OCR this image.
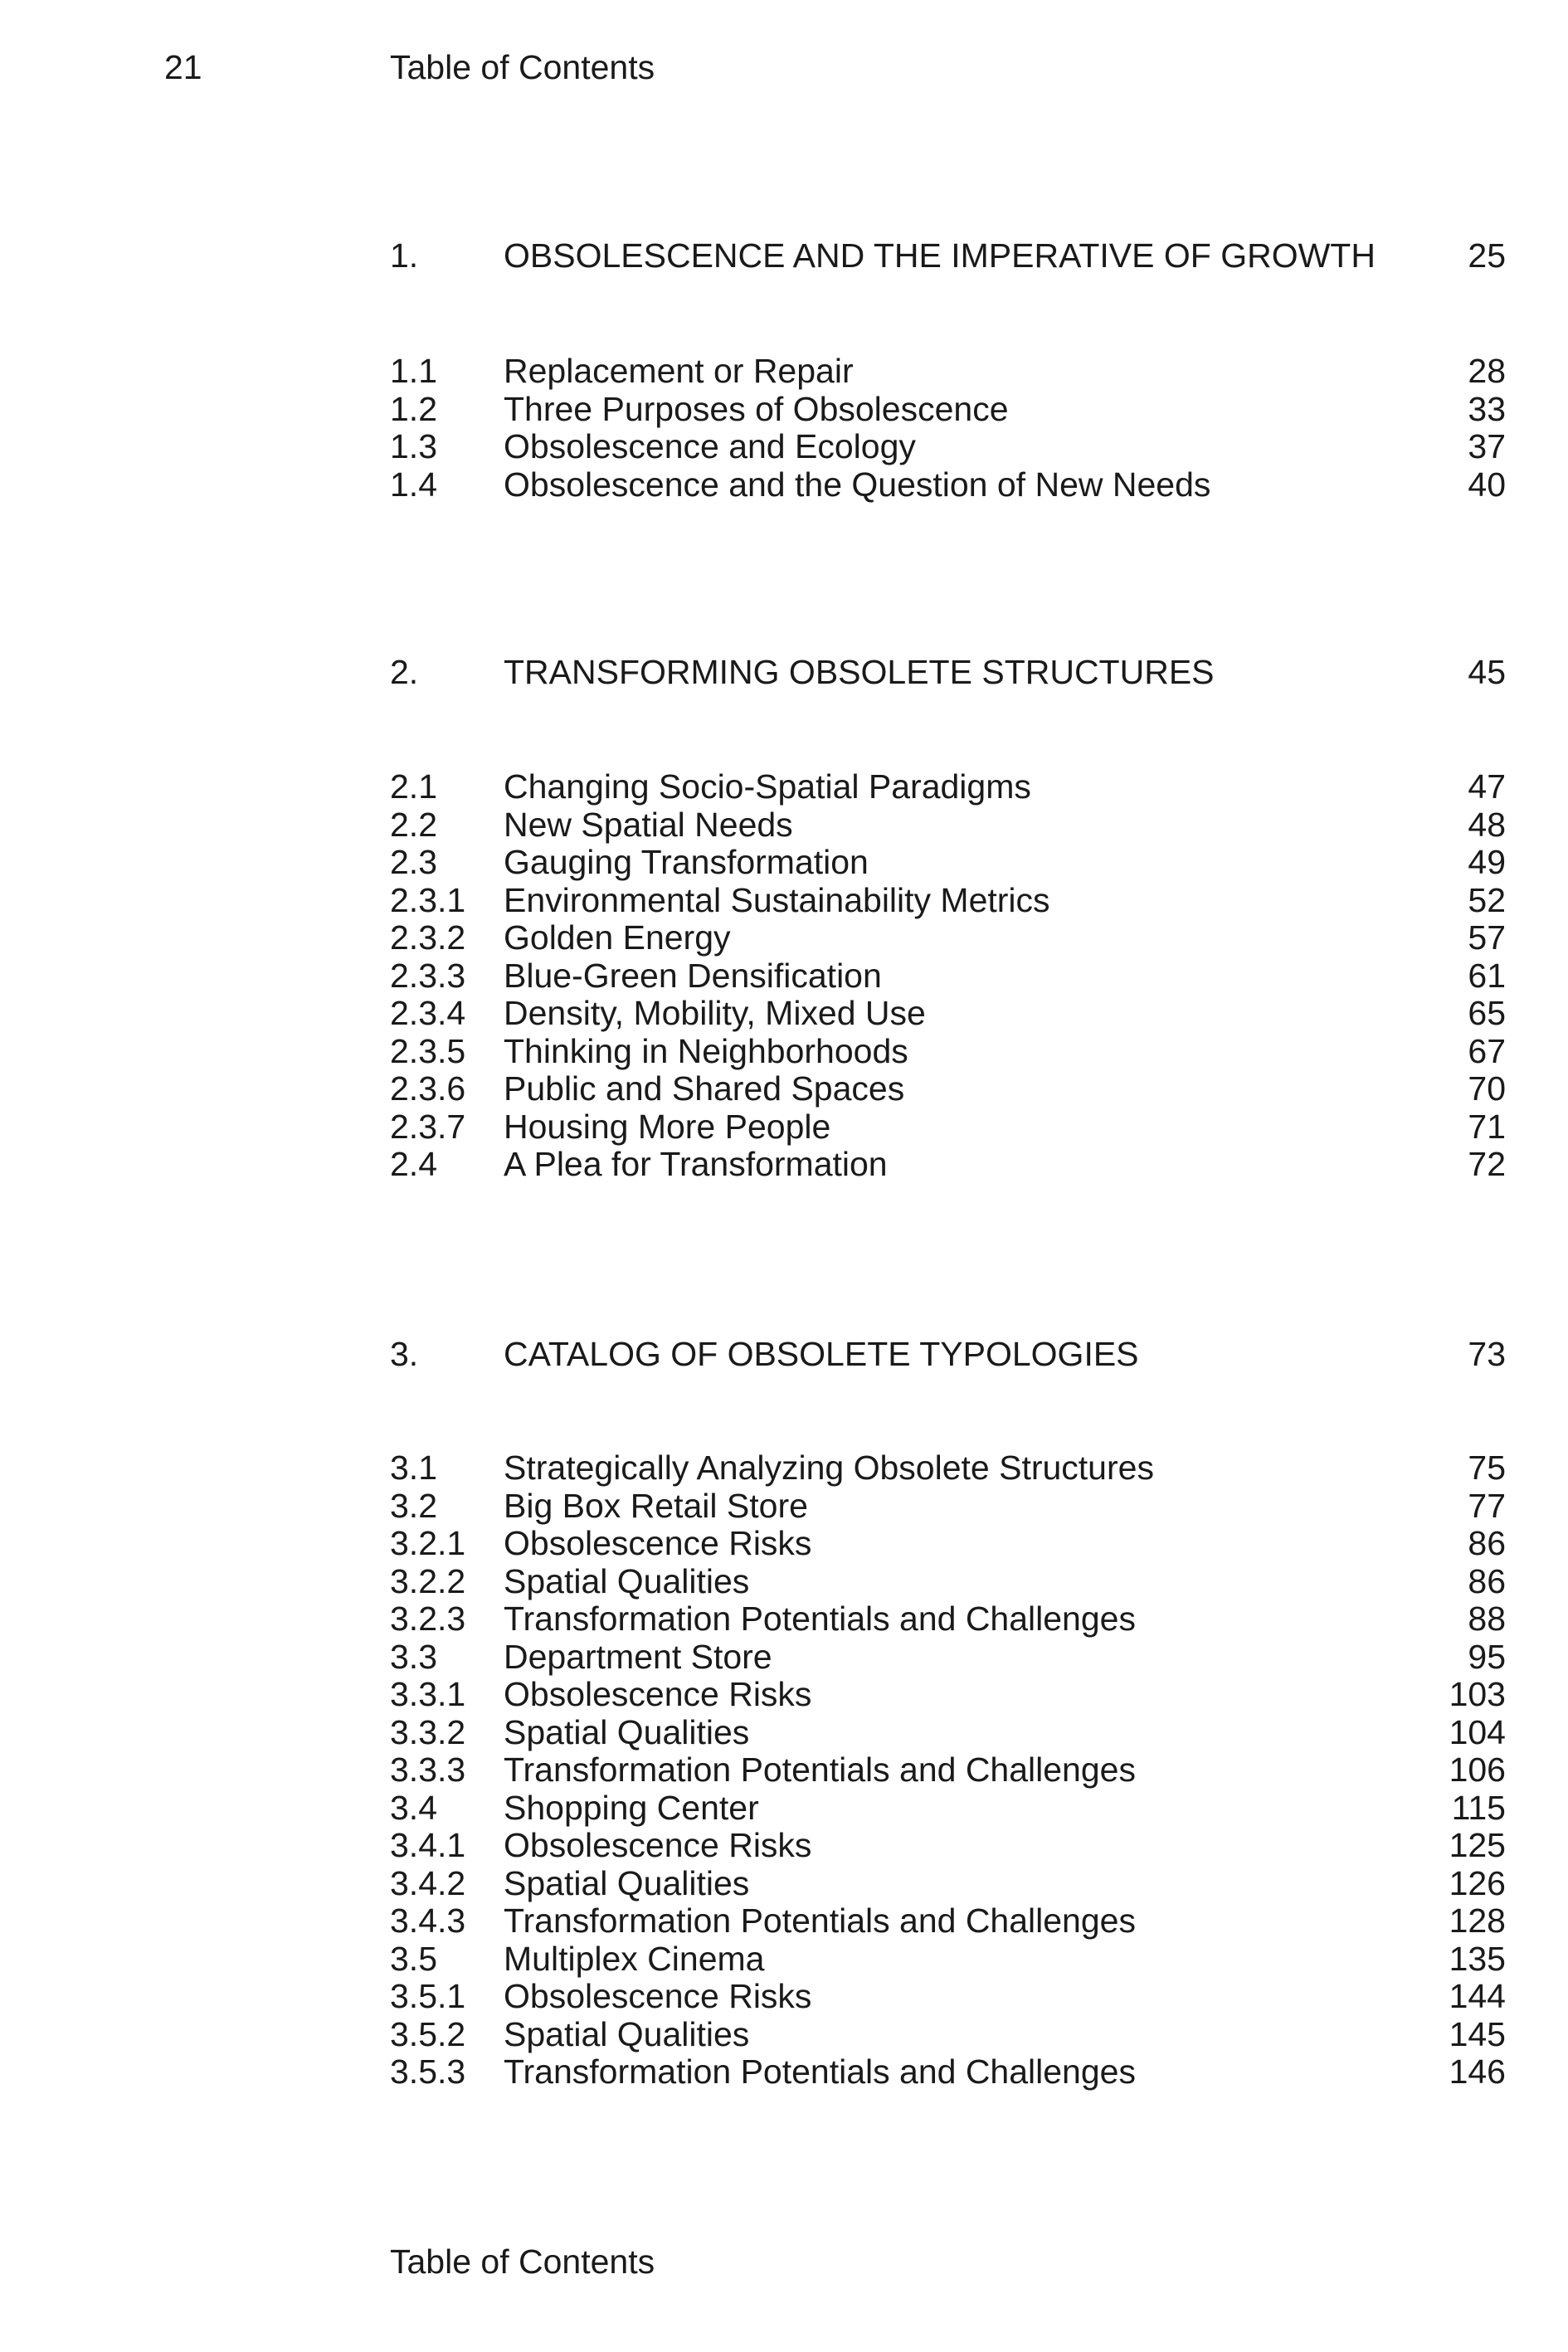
21	Table of Contents
1.	OBSOLESCENCE AND THE IMPERATIVE OF GROWTH	25
1.1 Replacement or Repair	28
1.2 Three Purposes of Obsolescence	33
1.3 Obsolescence and Ecology	37
1.4 Obsolescence and the Question of New Needs	40
2.	TRANSFORMING OBSOLETE STRUCTURES	45
2.1 Changing Socio-Spatial Paradigms	47
2.2 New Spatial Needs	48
2.3 Gauging Transformation	49
2.3.1 Environmental Sustainability Metrics	52
2.3.2 Golden Energy	57
2.3.3 Blue-Green Densification	61
2.3.4 Density, Mobility, Mixed Use	65
2.3.5 Thinking in Neighborhoods	67
2.3.6 Public and Shared Spaces	70
2.3.7 Housing More People	71
2.4 A Plea for Transformation	72
3.	CATALOG OF OBSOLETE TYPOLOGIES	73
3.1 Strategically Analyzing Obsolete Structures	75
3.2 Big Box Retail Store	77
3.2.1 Obsolescence Risks	86
3.2.2 Spatial Qualities	86
3.2.3 Transformation Potentials and Challenges	88
3.3 Department Store	95
3.3.1 Obsolescence Risks	103
3.3.2 Spatial Qualities	104
3.3.3 Transformation Potentials and Challenges	106
3.4 Shopping Center	115
3.4.1 Obsolescence Risks	125
3.4.2 Spatial Qualities	126
3.4.3 Transformation Potentials and Challenges	128
3.5 Multiplex Cinema	135
3.5.1 Obsolescence Risks	144
3.5.2 Spatial Qualities	145
3.5.3 Transformation Potentials and Challenges	146
Table of Contents
